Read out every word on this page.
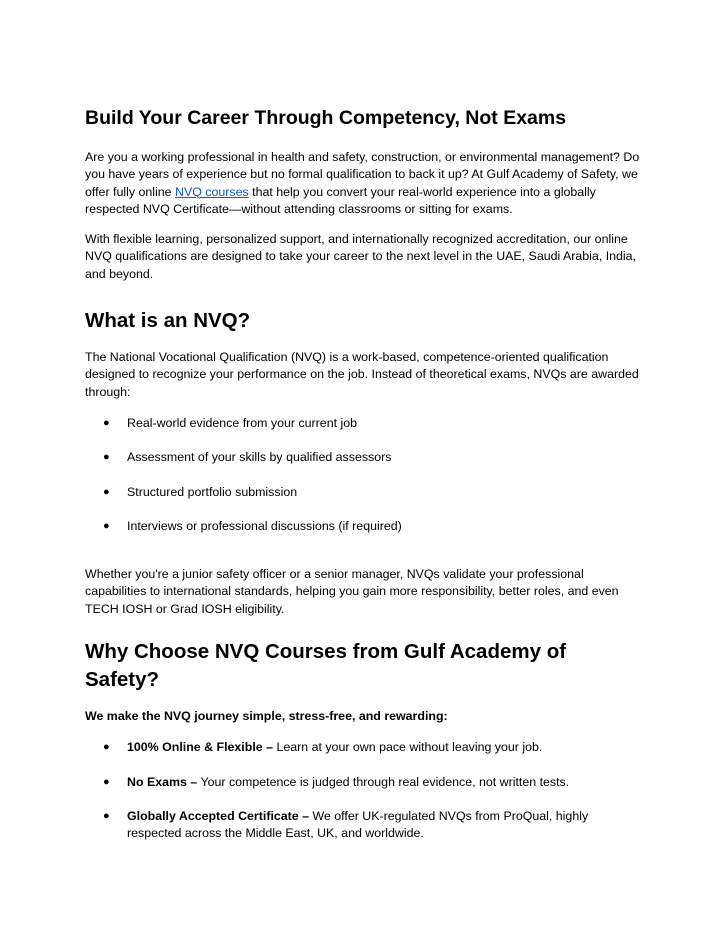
Build Your Career Through Competency, Not Exams

Are you a working professional in health and safety, construction, or environmental management? Do you have years of experience but no formal qualification to back it up? At Gulf Academy of Safety, we offer fully online NVQ courses that help you convert your real-world experience into a globally respected NVQ Certificate—without attending classrooms or sitting for exams.

With flexible learning, personalized support, and internationally recognized accreditation, our online NVQ qualifications are designed to take your career to the next level in the UAE, Saudi Arabia, India, and beyond.

What is an NVQ?

The National Vocational Qualification (NVQ) is a work-based, competence-oriented qualification designed to recognize your performance on the job. Instead of theoretical exams, NVQs are awarded through:

● Real-world evidence from your current job
● Assessment of your skills by qualified assessors
● Structured portfolio submission
● Interviews or professional discussions (if required)

Whether you're a junior safety officer or a senior manager, NVQs validate your professional capabilities to international standards, helping you gain more responsibility, better roles, and even TECH IOSH or Grad IOSH eligibility.

Why Choose NVQ Courses from Gulf Academy of Safety?

We make the NVQ journey simple, stress-free, and rewarding:

● 100% Online & Flexible – Learn at your own pace without leaving your job.
● No Exams – Your competence is judged through real evidence, not written tests.
● Globally Accepted Certificate – We offer UK-regulated NVQs from ProQual, highly respected across the Middle East, UK, and worldwide.
